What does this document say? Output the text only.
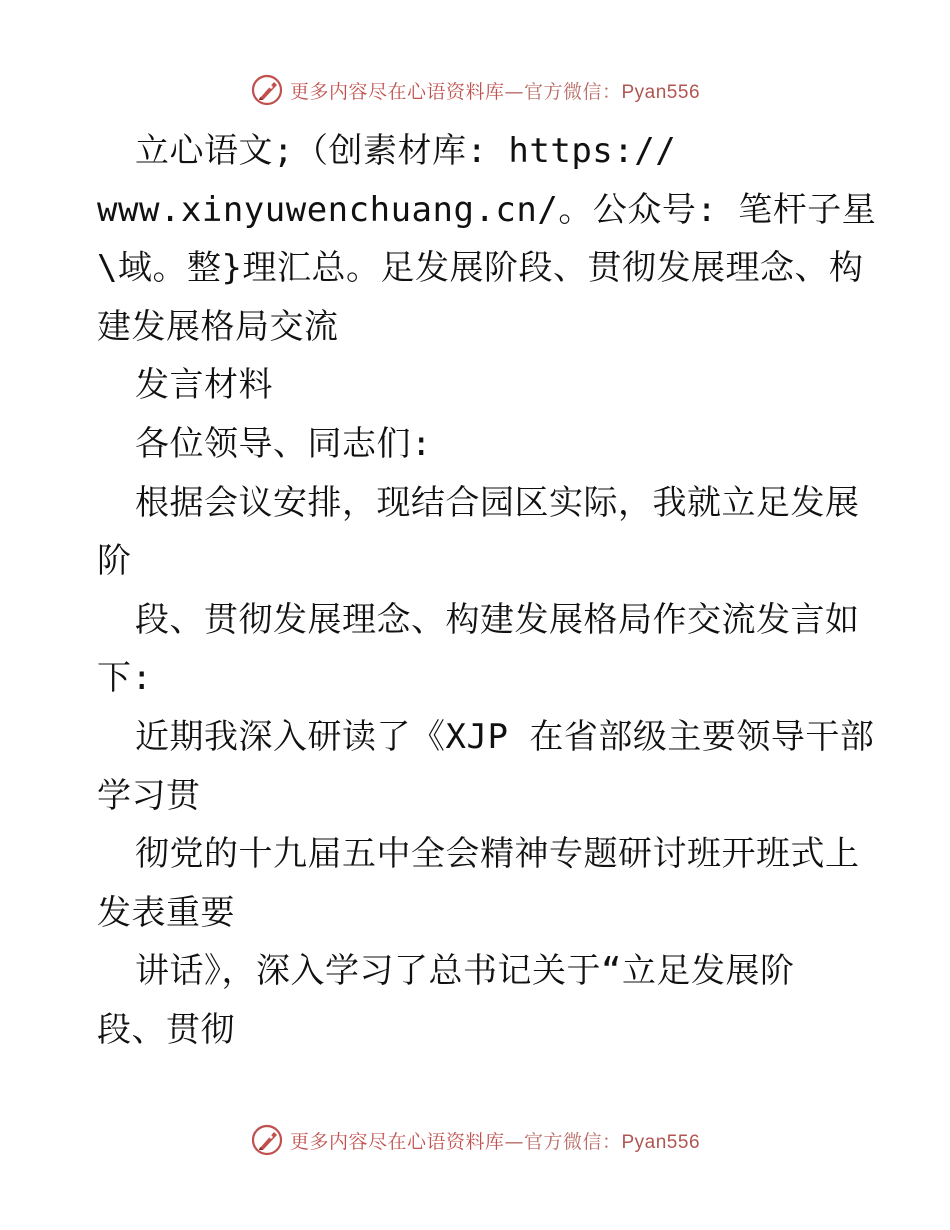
更多内容尽在心语资料库—官方微信：Pyan556
立心语文;（创素材库: https://
www.xinyuwenchuang.cn/。公众号: 笔杆子星
\域。整}理汇总。足发展阶段、贯彻发展理念、构
建发展格局交流
发言材料
各位领导、同志们:
根据会议安排，现结合园区实际，我就立足发展
阶
段、贯彻发展理念、构建发展格局作交流发言如
下:
近期我深入研读了《XJP 在省部级主要领导干部
学习贯
彻党的十九届五中全会精神专题研讨班开班式上
发表重要
讲话》，深入学习了总书记关于“立足发展阶
段、贯彻
更多内容尽在心语资料库—官方微信：Pyan556
